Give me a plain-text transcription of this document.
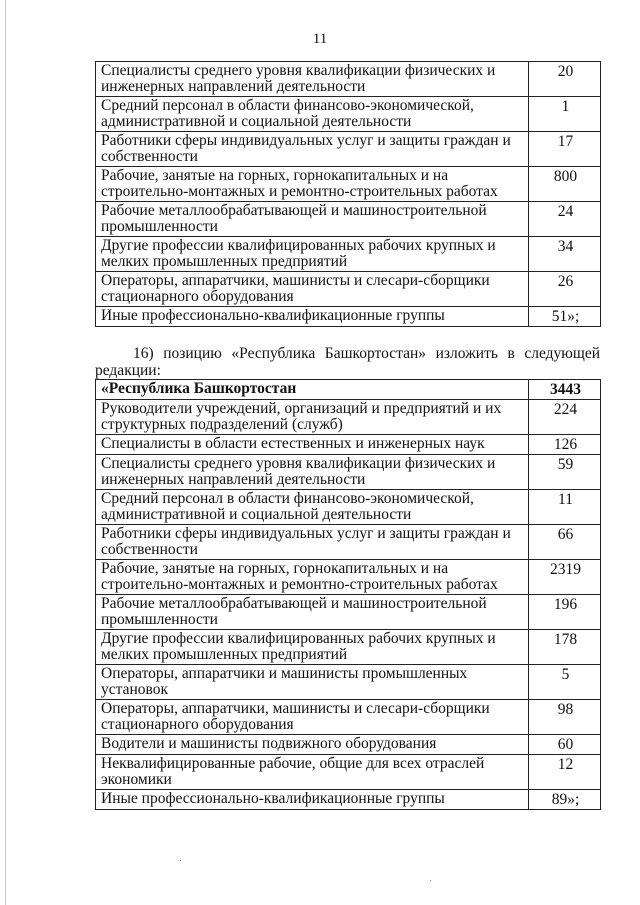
11
Специалисты среднего уровня квалификации физических и инженерных направлений деятельности	20
Средний персонал в области финансово-экономической, административной и социальной деятельности	1
Работники сферы индивидуальных услуг и защиты граждан и собственности	17
Рабочие, занятые на горных, горнокапитальных и на строительно-монтажных и ремонтно-строительных работах	800
Рабочие металлообрабатывающей и машиностроительной промышленности	24
Другие профессии квалифицированных рабочих крупных и мелких промышленных предприятий	34
Операторы, аппаратчики, машинисты и слесари-сборщики стационарного оборудования	26
Иные профессионально-квалификационные группы	51»;
16) позицию «Республика Башкортостан» изложить в следующей редакции:
«Республика Башкортостан	3443
Руководители учреждений, организаций и предприятий и их структурных подразделений (служб)	224
Специалисты в области естественных и инженерных наук	126
Специалисты среднего уровня квалификации физических и инженерных направлений деятельности	59
Средний персонал в области финансово-экономической, административной и социальной деятельности	11
Работники сферы индивидуальных услуг и защиты граждан и собственности	66
Рабочие, занятые на горных, горнокапитальных и на строительно-монтажных и ремонтно-строительных работах	2319
Рабочие металлообрабатывающей и машиностроительной промышленности	196
Другие профессии квалифицированных рабочих крупных и мелких промышленных предприятий	178
Операторы, аппаратчики и машинисты промышленных установок	5
Операторы, аппаратчики, машинисты и слесари-сборщики стационарного оборудования	98
Водители и машинисты подвижного оборудования	60
Неквалифицированные рабочие, общие для всех отраслей экономики	12
Иные профессионально-квалификационные группы	89»;
